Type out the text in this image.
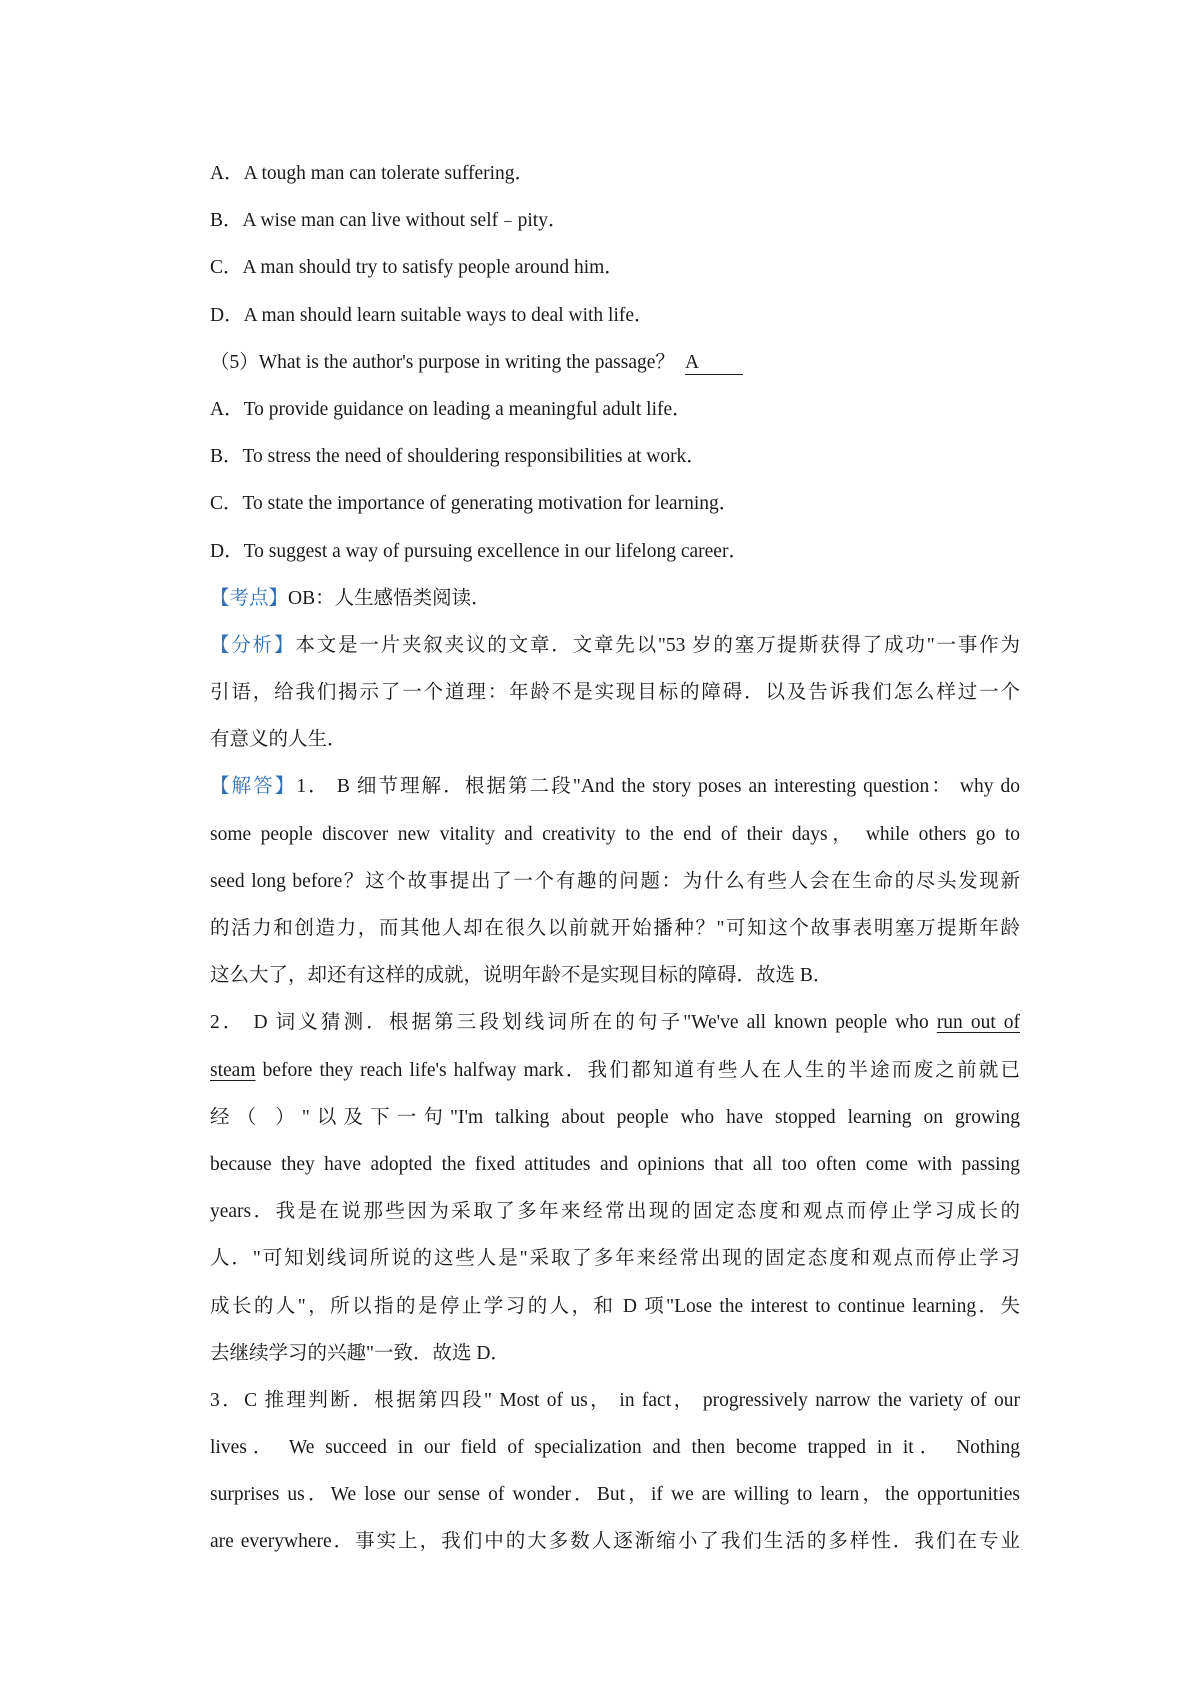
A．A tough man can tolerate suffering．
B．A wise man can live without self﹣pity．
C．A man should try to satisfy people around him．
D．A man should learn suitable ways to deal with life．
（5）What is the author's purpose in writing the passage？ A
A．To provide guidance on leading a meaningful adult life．
B．To stress the need of shouldering responsibilities at work．
C．To state the importance of generating motivation for learning．
D．To suggest a way of pursuing excellence in our lifelong career．
【考点】OB：人生感悟类阅读．
【分析】本文是一片夹叙夹议的文章．文章先以"53 岁的塞万提斯获得了成功"一事作为
引语，给我们揭示了一个道理：年龄不是实现目标的障碍．以及告诉我们怎么样过一个
有意义的人生．
【解答】1． B 细节理解．根据第二段"And the story poses an interesting question： why do
some people discover new vitality and creativity to the end of their days， while others go to
seed long before？这个故事提出了一个有趣的问题：为什么有些人会在生命的尽头发现新
的活力和创造力，而其他人却在很久以前就开始播种？"可知这个故事表明塞万提斯年龄
这么大了，却还有这样的成就，说明年龄不是实现目标的障碍．故选 B．
2． D 词义猜测．根据第三段划线词所在的句子"We've all known people who run out of
steam before they reach life's halfway mark．我们都知道有些人在人生的半途而废之前就已
经（ ）"以及下一句"I'm talking about people who have stopped learning on growing
because they have adopted the fixed attitudes and opinions that all too often come with passing
years．我是在说那些因为采取了多年来经常出现的固定态度和观点而停止学习成长的
人．"可知划线词所说的这些人是"采取了多年来经常出现的固定态度和观点而停止学习
成长的人"，所以指的是停止学习的人，和 D 项"Lose the interest to continue learning．失
去继续学习的兴趣"一致．故选 D．
3．C 推理判断．根据第四段" Most of us， in fact， progressively narrow the variety of our
lives． We succeed in our field of specialization and then become trapped in it． Nothing
surprises us．We lose our sense of wonder．But，if we are willing to learn，the opportunities
are everywhere．事实上，我们中的大多数人逐渐缩小了我们生活的多样性．我们在专业
